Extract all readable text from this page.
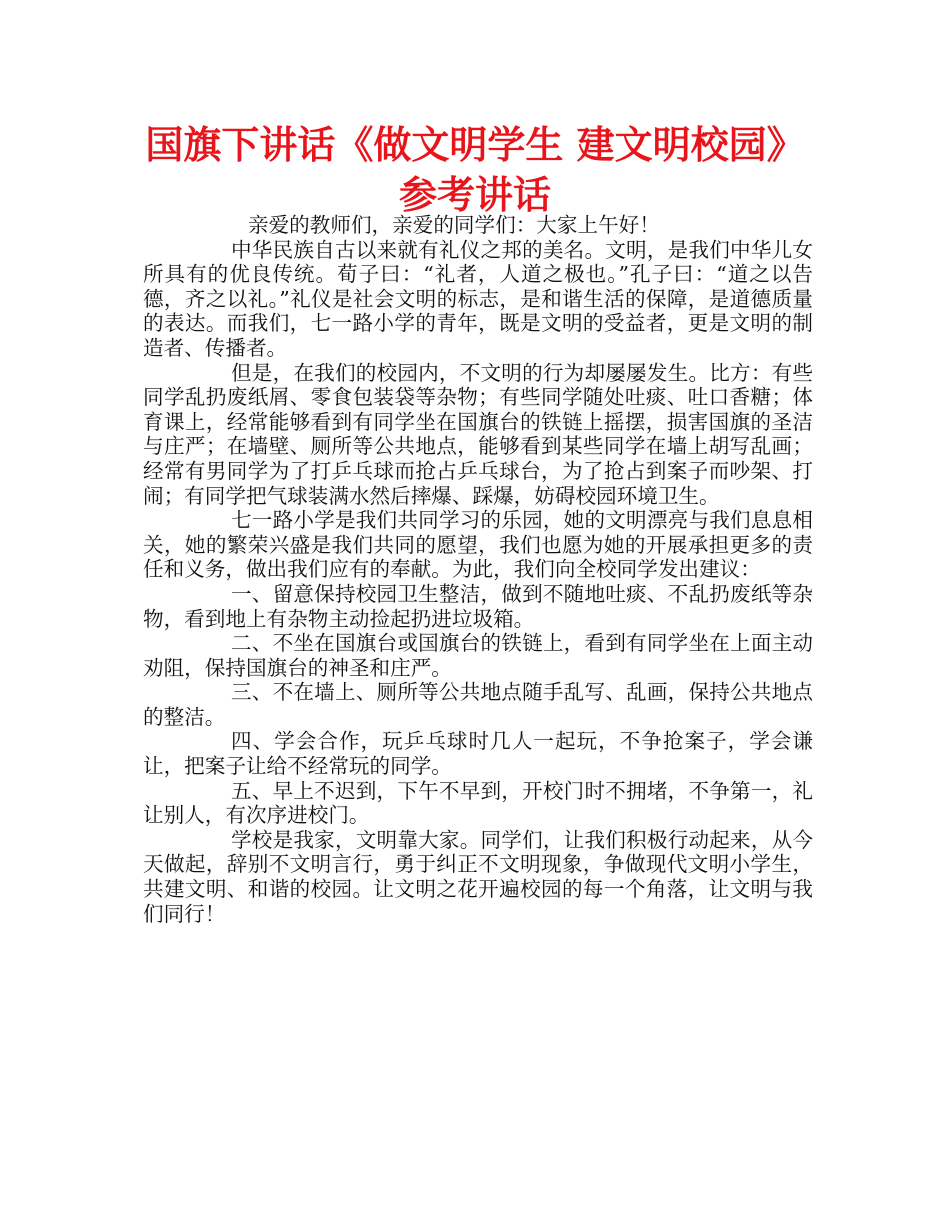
国旗下讲话《做文明学生 建文明校园》参考讲话

亲爱的教师们，亲爱的同学们：大家上午好！

中华民族自古以来就有礼仪之邦的美名。文明，是我们中华儿女所具有的优良传统。荀子曰：“礼者，人道之极也。”孔子曰：“道之以告德，齐之以礼。”礼仪是社会文明的标志，是和谐生活的保障，是道德质量的表达。而我们，七一路小学的青年，既是文明的受益者，更是文明的制造者、传播者。

但是，在我们的校园内，不文明的行为却屡屡发生。比方：有些同学乱扔废纸屑、零食包装袋等杂物；有些同学随处吐痰、吐口香糖；体育课上，经常能够看到有同学坐在国旗台的铁链上摇摆，损害国旗的圣洁与庄严；在墙壁、厕所等公共地点，能够看到某些同学在墙上胡写乱画；经常有男同学为了打乒乓球而抢占乒乓球台，为了抢占到案子而吵架、打闹；有同学把气球装满水然后摔爆、踩爆，妨碍校园环境卫生。

七一路小学是我们共同学习的乐园，她的文明漂亮与我们息息相关，她的繁荣兴盛是我们共同的愿望，我们也愿为她的开展承担更多的责任和义务，做出我们应有的奉献。为此，我们向全校同学发出建议：

一、留意保持校园卫生整洁，做到不随地吐痰、不乱扔废纸等杂物，看到地上有杂物主动捡起扔进垃圾箱。

二、不坐在国旗台或国旗台的铁链上，看到有同学坐在上面主动劝阻，保持国旗台的神圣和庄严。

三、不在墙上、厕所等公共地点随手乱写、乱画，保持公共地点的整洁。

四、学会合作，玩乒乓球时几人一起玩，不争抢案子，学会谦让，把案子让给不经常玩的同学。

五、早上不迟到，下午不早到，开校门时不拥堵，不争第一，礼让别人，有次序进校门。

学校是我家，文明靠大家。同学们，让我们积极行动起来，从今天做起，辞别不文明言行，勇于纠正不文明现象，争做现代文明小学生，共建文明、和谐的校园。让文明之花开遍校园的每一个角落，让文明与我们同行！
